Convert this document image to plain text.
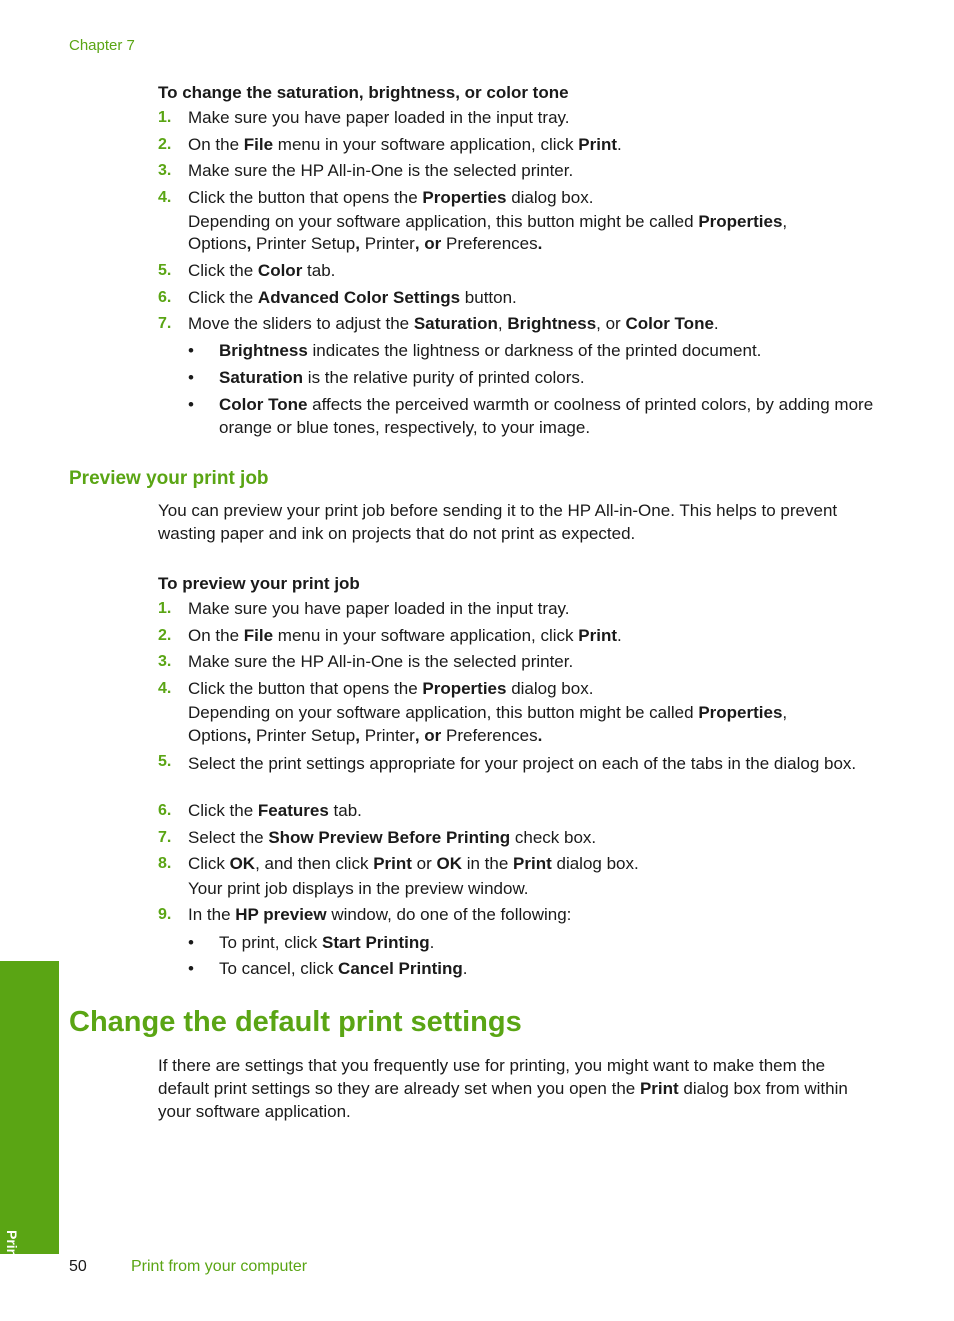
Chapter 7
To change the saturation, brightness, or color tone
1. Make sure you have paper loaded in the input tray.
2. On the File menu in your software application, click Print.
3. Make sure the HP All-in-One is the selected printer.
4. Click the button that opens the Properties dialog box.
5. Click the Color tab.
6. Click the Advanced Color Settings button.
7. Move the sliders to adjust the Saturation, Brightness, or Color Tone.
Depending on your software application, this button might be called Properties,
Options, Printer Setup, Printer, or Preferences.
• Brightness indicates the lightness or darkness of the printed document.
• Saturation is the relative purity of printed colors.
• Color Tone affects the perceived warmth or coolness of printed colors, by adding more orange or blue tones, respectively, to your image.
Preview your print job
You can preview your print job before sending it to the HP All-in-One. This helps to prevent wasting paper and ink on projects that do not print as expected.
To preview your print job
1. Make sure you have paper loaded in the input tray.
2. On the File menu in your software application, click Print.
3. Make sure the HP All-in-One is the selected printer.
4. Click the button that opens the Properties dialog box.
5. Select the print settings appropriate for your project on each of the tabs in the dialog box.
6. Click the Features tab.
7. Select the Show Preview Before Printing check box.
8. Click OK, and then click Print or OK in the Print dialog box.
9. In the HP preview window, do one of the following:
Depending on your software application, this button might be called Properties,
Options, Printer Setup, Printer, or Preferences.
Your print job displays in the preview window.
• To print, click Start Printing.
• To cancel, click Cancel Printing.
Change the default print settings
If there are settings that you frequently use for printing, you might want to make them the default print settings so they are already set when you open the Print dialog box from within your software application.
Print
50	Print from your computer
